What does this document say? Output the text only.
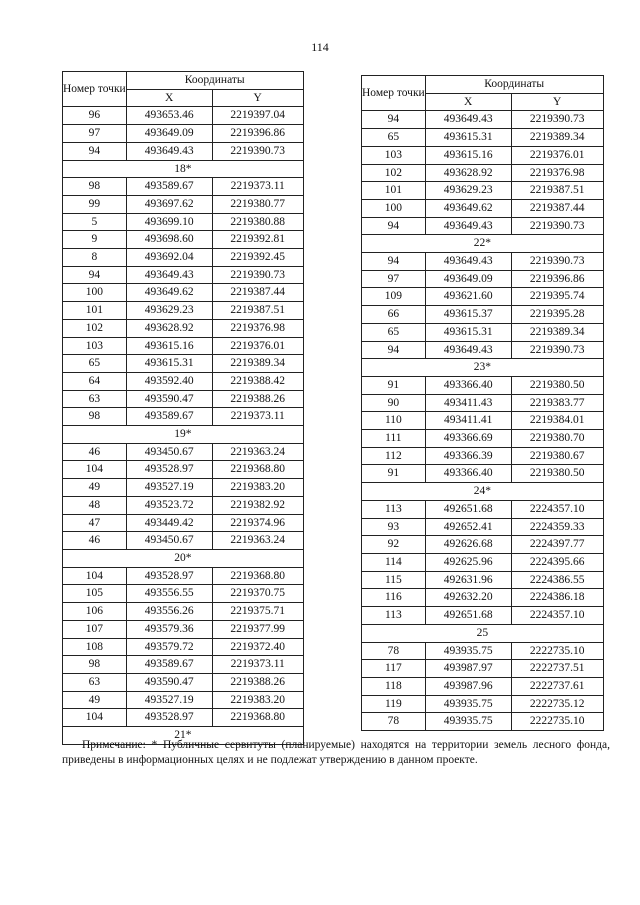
114
Номер точки	Координаты	
	X	Y
96	493653.46	2219397.04
97	493649.09	2219396.86
94	493649.43	2219390.73
18*		
98	493589.67	2219373.11
99	493697.62	2219380.77
5	493699.10	2219380.88
9	493698.60	2219392.81
8	493692.04	2219392.45
94	493649.43	2219390.73
100	493649.62	2219387.44
101	493629.23	2219387.51
102	493628.92	2219376.98
103	493615.16	2219376.01
65	493615.31	2219389.34
64	493592.40	2219388.42
63	493590.47	2219388.26
98	493589.67	2219373.11
19*		
46	493450.67	2219363.24
104	493528.97	2219368.80
49	493527.19	2219383.20
48	493523.72	2219382.92
47	493449.42	2219374.96
46	493450.67	2219363.24
20*		
104	493528.97	2219368.80
105	493556.55	2219370.75
106	493556.26	2219375.71
107	493579.36	2219377.99
108	493579.72	2219372.40
98	493589.67	2219373.11
63	493590.47	2219388.26
49	493527.19	2219383.20
104	493528.97	2219368.80
21*		
Номер точки	Координаты	
	X	Y
94	493649.43	2219390.73
65	493615.31	2219389.34
103	493615.16	2219376.01
102	493628.92	2219376.98
101	493629.23	2219387.51
100	493649.62	2219387.44
94	493649.43	2219390.73
22*		
94	493649.43	2219390.73
97	493649.09	2219396.86
109	493621.60	2219395.74
66	493615.37	2219395.28
65	493615.31	2219389.34
94	493649.43	2219390.73
23*		
91	493366.40	2219380.50
90	493411.43	2219383.77
110	493411.41	2219384.01
111	493366.69	2219380.70
112	493366.39	2219380.67
91	493366.40	2219380.50
24*		
113	492651.68	2224357.10
93	492652.41	2224359.33
92	492626.68	2224397.77
114	492625.96	2224395.66
115	492631.96	2224386.55
116	492632.20	2224386.18
113	492651.68	2224357.10
25		
78	493935.75	2222735.10
117	493987.97	2222737.51
118	493987.96	2222737.61
119	493935.75	2222735.12
78	493935.75	2222735.10
Примечание: * Публичные сервитуты (планируемые) находятся на территории земель лесного фонда, приведены в информационных целях и не подлежат утверждению в данном проекте.
